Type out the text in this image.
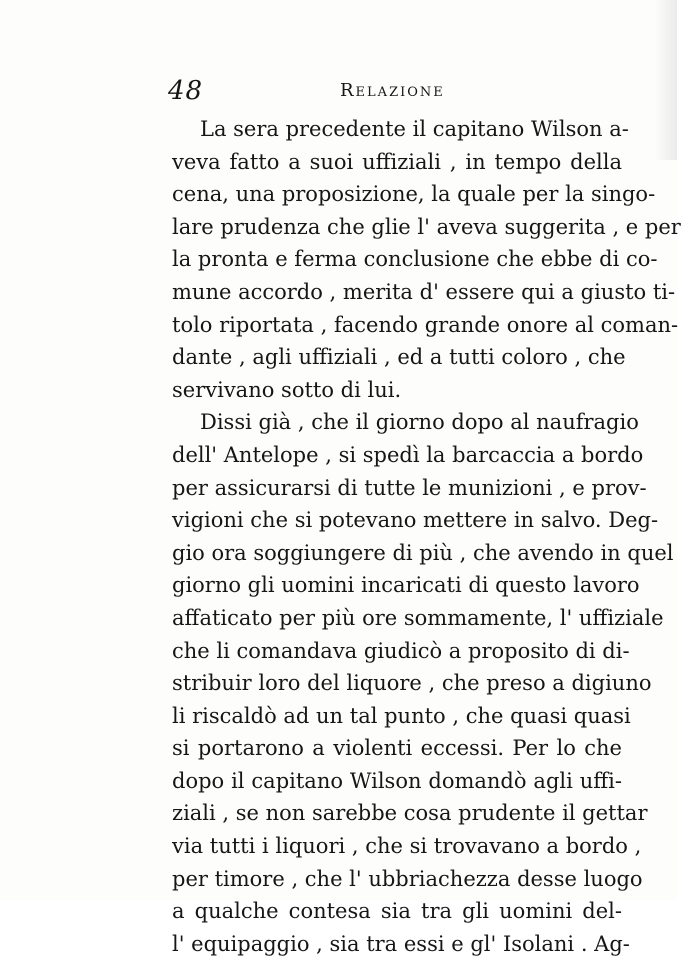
48	Relazione
La sera precedente il capitano Wilson a-
veva fatto a suoi uffiziali , in tempo della
cena, una proposizione, la quale per la singo-
lare prudenza che glie l' aveva suggerita , e per
la pronta e ferma conclusione che ebbe di co-
mune accordo , merita d' essere qui a giusto ti-
tolo riportata , facendo grande onore al coman-
dante , agli uffiziali , ed a tutti coloro , che
servivano sotto di lui.
Dissi già , che il giorno dopo al naufragio
dell' Antelope , si spedì la barcaccia a bordo
per assicurarsi di tutte le munizioni , e prov-
vigioni che si potevano mettere in salvo. Deg-
gio ora soggiungere di più , che avendo in quel
giorno gli uomini incaricati di questo lavoro
affaticato per più ore sommamente, l' uffiziale
che li comandava giudicò a proposito di di-
stribuir loro del liquore , che preso a digiuno
li riscaldò ad un tal punto , che quasi quasi
si portarono a violenti eccessi. Per lo che
dopo il capitano Wilson domandò agli uffi-
ziali , se non sarebbe cosa prudente il gettar
via tutti i liquori , che si trovavano a bordo ,
per timore , che l' ubbriachezza desse luogo
a qualche contesa sia tra gli uomini del-
l' equipaggio , sia tra essi e gl' Isolani . Ag-
